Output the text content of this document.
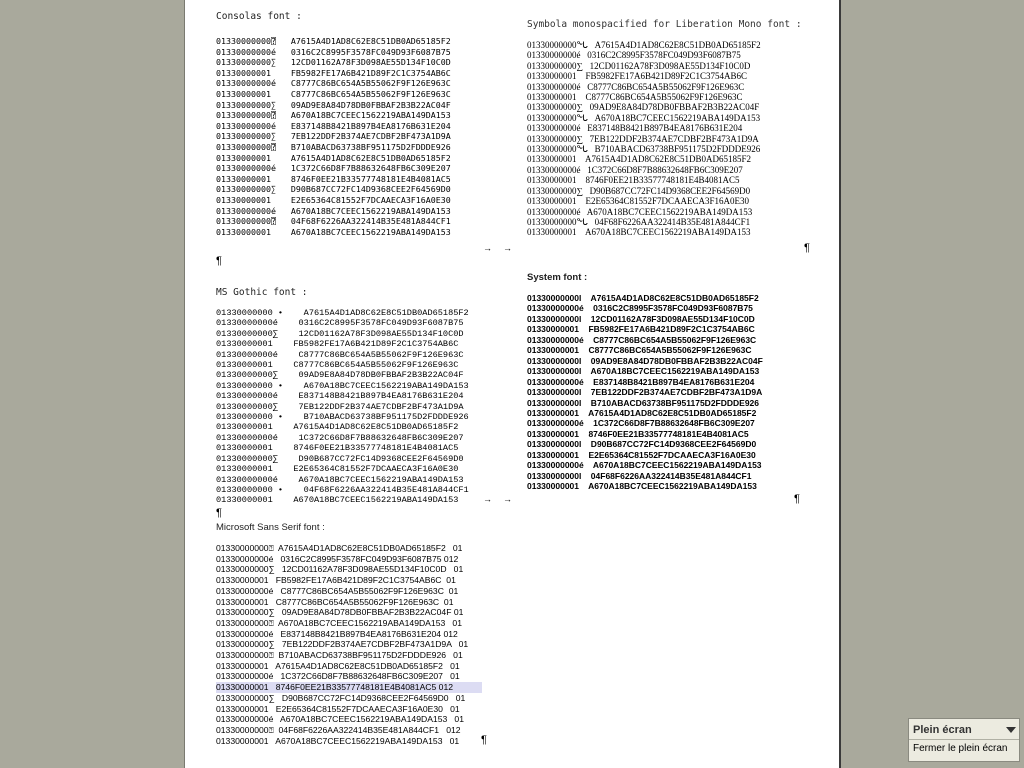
Consolas font :
01330000000⍰   A7615A4D1AD8C62E8C51DB0AD65185F2
01330000000é   0316C2C8995F3578FC049D93F6087B75
01330000000∑   12CD01162A78F3D098AE55D134F10C0D
01330000001    FB5982FE17A6B421D89F2C1C3754AB6C
01330000000é   C8777C86BC654A5B55062F9F126E963C
01330000001    C8777C86BC654A5B55062F9F126E963C
01330000000∑   09AD9E8A84D78DB0FBBAF2B3B22AC04F
01330000000⍰   A670A18BC7CEEC1562219ABA149DA153
01330000000é   E837148B8421B897B4EA8176B631E204
01330000000∑   7EB122DDF2B374AE7CDBF2BF473A1D9A
01330000000⍰   B710ABACD63738BF951175D2FDDDE926
01330000001    A7615A4D1AD8C62E8C51DB0AD65185F2
01330000000é   1C372C66D8F7B88632648FB6C309E207
01330000001    8746F0EE21B33577748181E4B4081AC5
01330000000∑   D90B687CC72FC14D9368CEE2F64569D0
01330000001    E2E65364C81552F7DCAAECA3F16A0E30
01330000000é   A670A18BC7CEEC1562219ABA149DA153
01330000000⍰   04F68F6226AA322414B35E481A844CF1
01330000001    A670A18BC7CEEC1562219ABA149DA153
Symbola monospacified for Liberation Mono font :
01330000000ᖓ   A7615A4D1AD8C62E8C51DB0AD65185F2
01330000000é   0316C2C8995F3578FC049D93F6087B75
01330000000∑   12CD01162A78F3D098AE55D134F10C0D
01330000001    FB5982FE17A6B421D89F2C1C3754AB6C
01330000000é   C8777C86BC654A5B55062F9F126E963C
01330000001    C8777C86BC654A5B55062F9F126E963C
01330000000∑   09AD9E8A84D78DB0FBBAF2B3B22AC04F
01330000000ᖓ   A670A18BC7CEEC1562219ABA149DA153
01330000000é   E837148B8421B897B4EA8176B631E204
01330000000∑   7EB122DDF2B374AE7CDBF2BF473A1D9A
01330000000ᖓ   B710ABACD63738BF951175D2FDDDE926
01330000001    A7615A4D1AD8C62E8C51DB0AD65185F2
01330000000é   1C372C66D8F7B88632648FB6C309E207
01330000001    8746F0EE21B33577748181E4B4081AC5
01330000000∑   D90B687CC72FC14D9368CEE2F64569D0
01330000001    E2E65364C81552F7DCAAECA3F16A0E30
01330000000é   A670A18BC7CEEC1562219ABA149DA153
01330000000ᖓ   04F68F6226AA322414B35E481A844CF1
01330000001    A670A18BC7CEEC1562219ABA149DA153
MS Gothic font :
01330000000 •    A7615A4D1AD8C62E8C51DB0AD65185F2
01330000000é    0316C2C8995F3578FC049D93F6087B75
01330000000∑    12CD01162A78F3D098AE55D134F10C0D
01330000001    FB5982FE17A6B421D89F2C1C3754AB6C
01330000000é    C8777C86BC654A5B55062F9F126E963C
01330000001    C8777C86BC654A5B55062F9F126E963C
01330000000∑    09AD9E8A84D78DB0FBBAF2B3B22AC04F
01330000000 •    A670A18BC7CEEC1562219ABA149DA153
01330000000é    E837148B8421B897B4EA8176B631E204
01330000000∑    7EB122DDF2B374AE7CDBF2BF473A1D9A
01330000000 •    B710ABACD63738BF951175D2FDDDE926
01330000001    A7615A4D1AD8C62E8C51DB0AD65185F2
01330000000é    1C372C66D8F7B88632648FB6C309E207
01330000001    8746F0EE21B33577748181E4B4081AC5
01330000000∑    D90B687CC72FC14D9368CEE2F64569D0
01330000001    E2E65364C81552F7DCAAECA3F16A0E30
01330000000é    A670A18BC7CEEC1562219ABA149DA153
01330000000 •    04F68F6226AA322414B35E481A844CF1
01330000001    A670A18BC7CEEC1562219ABA149DA153
System font :
01330000000l    A7615A4D1AD8C62E8C51DB0AD65185F2
01330000000é    0316C2C8995F3578FC049D93F6087B75
01330000000l    12CD01162A78F3D098AE55D134F10C0D
01330000001    FB5982FE17A6B421D89F2C1C3754AB6C
01330000000é    C8777C86BC654A5B55062F9F126E963C
01330000001    C8777C86BC654A5B55062F9F126E963C
01330000000l    09AD9E8A84D78DB0FBBAF2B3B22AC04F
01330000000l    A670A18BC7CEEC1562219ABA149DA153
01330000000é    E837148B8421B897B4EA8176B631E204
01330000000l    7EB122DDF2B374AE7CDBF2BF473A1D9A
01330000000l    B710ABACD63738BF951175D2FDDDE926
01330000001    A7615A4D1AD8C62E8C51DB0AD65185F2
01330000000é    1C372C66D8F7B88632648FB6C309E207
01330000001    8746F0EE21B33577748181E4B4081AC5
01330000000l    D90B687CC72FC14D9368CEE2F64569D0
01330000001    E2E65364C81552F7DCAAECA3F16A0E30
01330000000é    A670A18BC7CEEC1562219ABA149DA153
01330000000l    04F68F6226AA322414B35E481A844CF1
01330000001    A670A18BC7CEEC1562219ABA149DA153
Microsoft Sans Serif font :
01330000000⍰  A7615A4D1AD8C62E8C51DB0AD65185F2   01
01330000000é   0316C2C8995F3578FC049D93F6087B75 012
01330000000∑   12CD01162A78F3D098AE55D134F10C0D   01
01330000001   FB5982FE17A6B421D89F2C1C3754AB6C  01
01330000000é   C8777C86BC654A5B55062F9F126E963C  01
01330000001   C8777C86BC654A5B55062F9F126E963C  01
01330000000∑   09AD9E8A84D78DB0FBBAF2B3B22AC04F 01
01330000000⍰  A670A18BC7CEEC1562219ABA149DA153   01
01330000000é   E837148B8421B897B4EA8176B631E204 012
01330000000∑   7EB122DDF2B374AE7CDBF2BF473A1D9A   01
01330000000⍰  B710ABACD63738BF951175D2FDDDE926   01
01330000001   A7615A4D1AD8C62E8C51DB0AD65185F2   01
01330000000é   1C372C66D8F7B88632648FB6C309E207   01
01330000001   8746F0EE21B33577748181E4B4081AC5 012
01330000000∑   D90B687CC72FC14D9368CEE2F64569D0   01
01330000001   E2E65364C81552F7DCAAECA3F16A0E30   01
01330000000é   A670A18BC7CEEC1562219ABA149DA153   01
01330000000⍰  04F68F6226AA322414B35E481A844CF1   012
01330000001   A670A18BC7CEEC1562219ABA149DA153   01
¶
¶
¶
¶
¶
→ →
→ →
Plein écran
Fermer le plein écran
